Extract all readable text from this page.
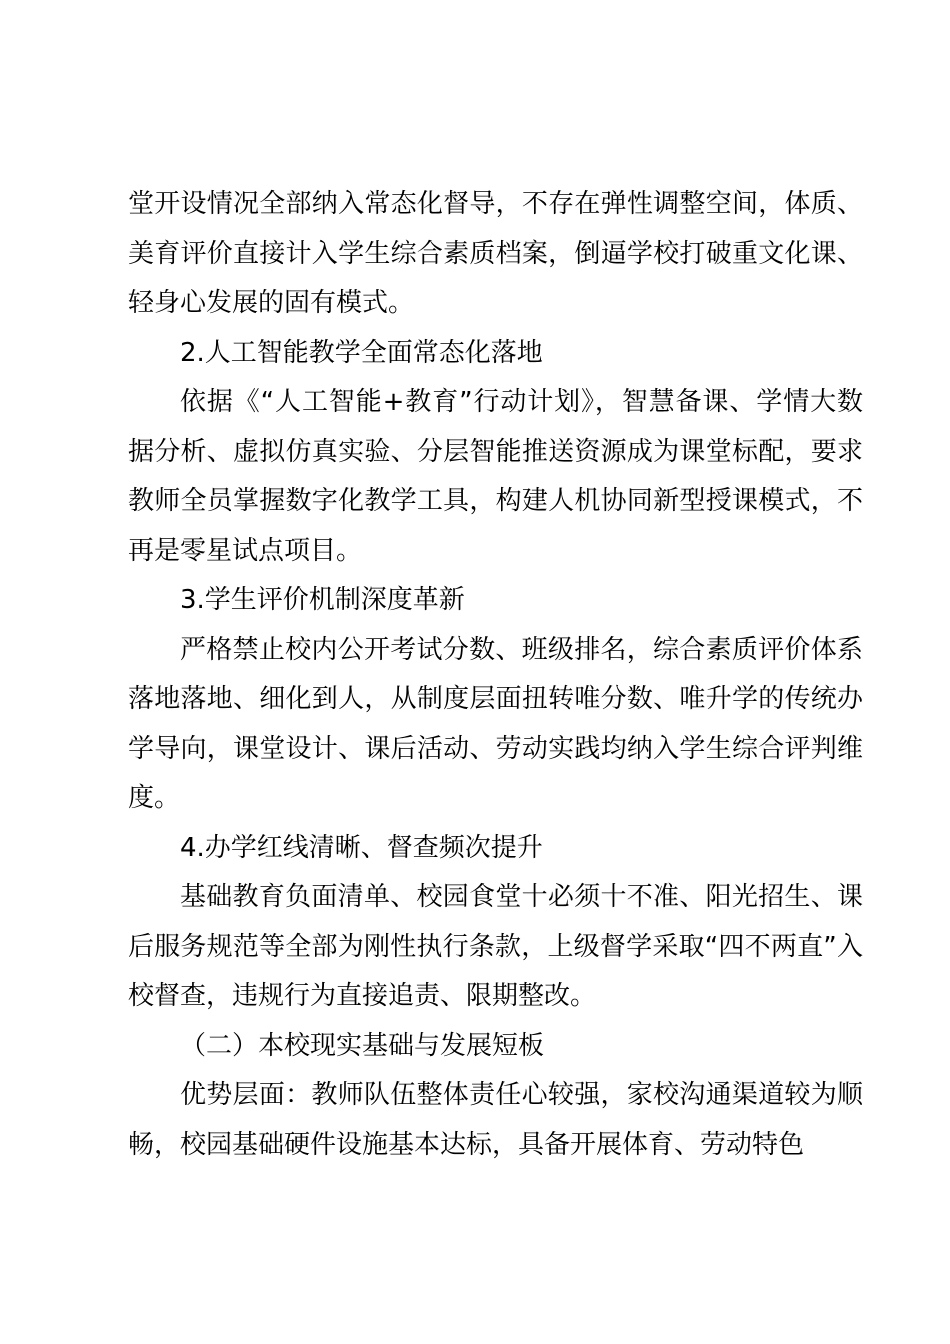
堂开设情况全部纳入常态化督导，不存在弹性调整空间，体质、美育评价直接计入学生综合素质档案，倒逼学校打破重文化课、轻身心发展的固有模式。

2.人工智能教学全面常态化落地

依据《“人工智能+教育”行动计划》，智慧备课、学情大数据分析、虚拟仿真实验、分层智能推送资源成为课堂标配，要求教师全员掌握数字化教学工具，构建人机协同新型授课模式，不再是零星试点项目。

3.学生评价机制深度革新

严格禁止校内公开考试分数、班级排名，综合素质评价体系落地落地、细化到人，从制度层面扭转唯分数、唯升学的传统办学导向，课堂设计、课后活动、劳动实践均纳入学生综合评判维度。

4.办学红线清晰、督查频次提升

基础教育负面清单、校园食堂十必须十不准、阳光招生、课后服务规范等全部为刚性执行条款，上级督学采取“四不两直”入校督查，违规行为直接追责、限期整改。

（二）本校现实基础与发展短板

优势层面：教师队伍整体责任心较强，家校沟通渠道较为顺畅，校园基础硬件设施基本达标，具备开展体育、劳动特色
